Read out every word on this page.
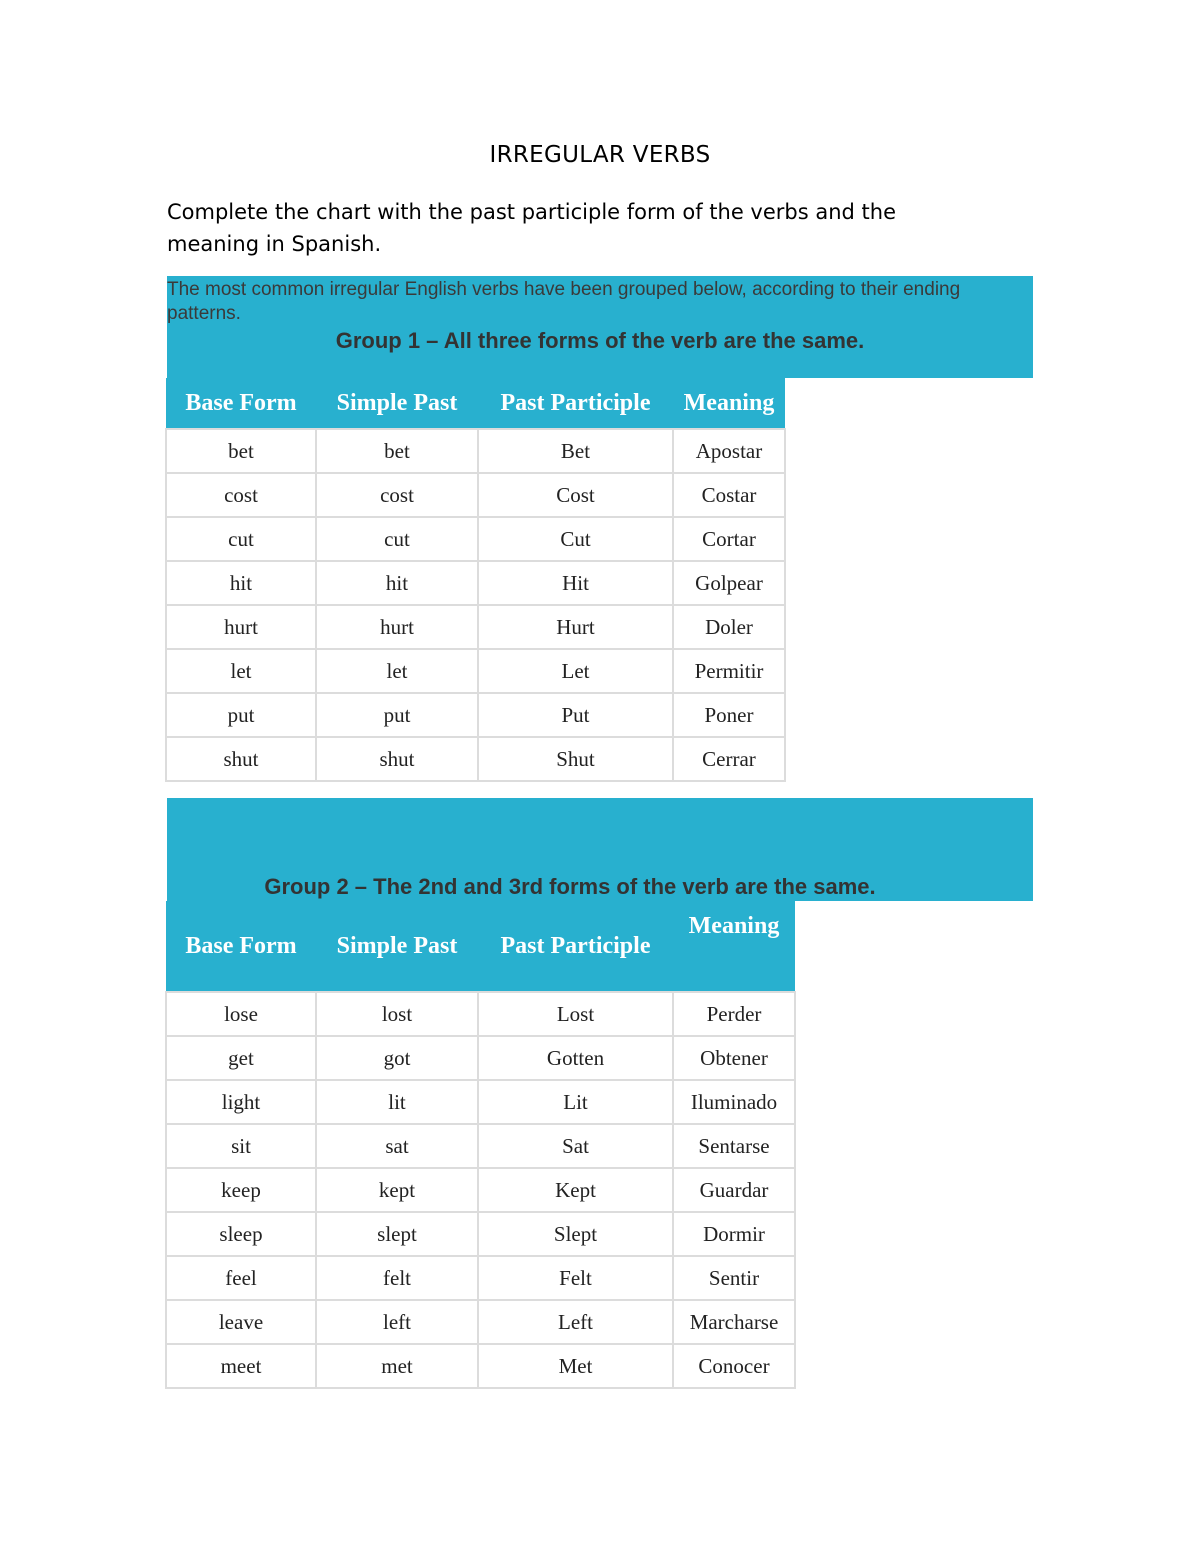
IRREGULAR VERBS
Complete the chart with the past participle form of the verbs and the meaning in Spanish.
The most common irregular English verbs have been grouped below, according to their ending patterns.
Group 1 – All three forms of the verb are the same.
Base Form	Simple Past	Past Participle	Meaning
bet	bet	Bet	Apostar
cost	cost	Cost	Costar
cut	cut	Cut	Cortar
hit	hit	Hit	Golpear
hurt	hurt	Hurt	Doler
let	let	Let	Permitir
put	put	Put	Poner
shut	shut	Shut	Cerrar
Group 2 – The 2nd and 3rd forms of the verb are the same.
Base Form	Simple Past	Past Participle	Meaning
lose	lost	Lost	Perder
get	got	Gotten	Obtener
light	lit	Lit	Iluminado
sit	sat	Sat	Sentarse
keep	kept	Kept	Guardar
sleep	slept	Slept	Dormir
feel	felt	Felt	Sentir
leave	left	Left	Marcharse
meet	met	Met	Conocer
